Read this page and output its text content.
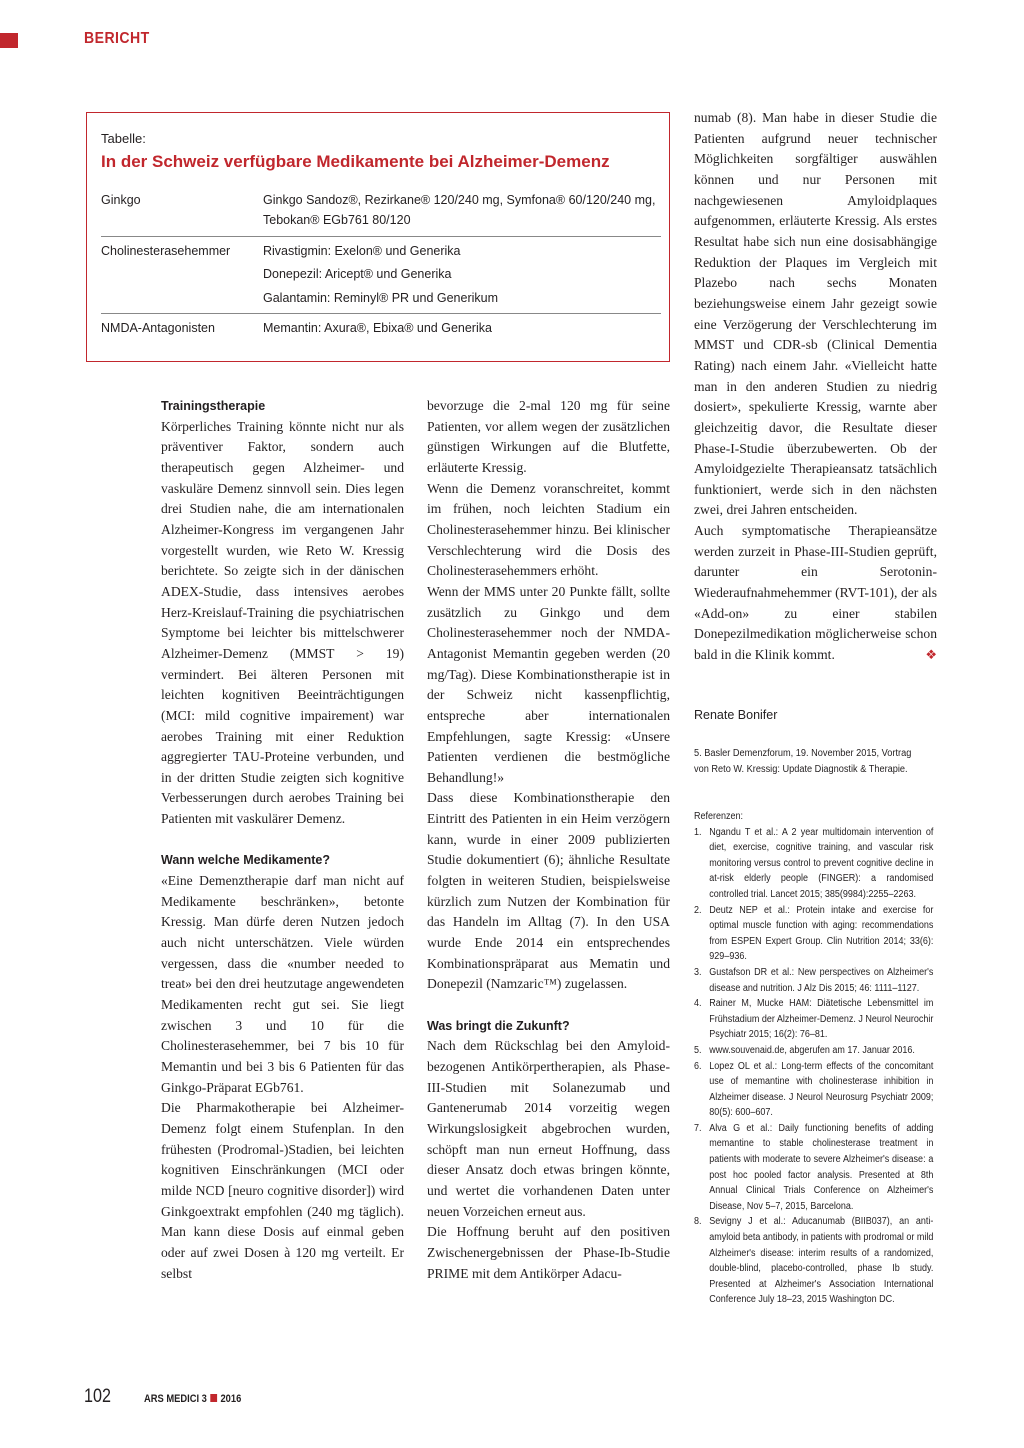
BERICHT
Tabelle:
In der Schweiz verfügbare Medikamente bei Alzheimer-Demenz
Ginkgo	Ginkgo Sandoz®, Rezirkane® 120/240 mg, Symfona® 60/120/240 mg,
Tebokan® EGb761 80/120
Cholinesterasehemmer	Rivastigmin: Exelon® und Generika
Donepezil: Aricept® und Generika
Galantamin: Reminyl® PR und Generikum
NMDA-Antagonisten	Memantin: Axura®, Ebixa® und Generika
Trainingstherapie

Körperliches Training könnte nicht nur als präventiver Faktor, sondern auch therapeutisch gegen Alzheimer- und vaskuläre Demenz sinnvoll sein. Dies legen drei Studien nahe, die am internationalen Alzheimer-Kongress im vergangenen Jahr vorgestellt wurden, wie Reto W. Kressig berichtete. So zeigte sich in der dänischen ADEX-Studie, dass intensives aerobes Herz-Kreislauf-Training die psychiatrischen Symptome bei leichter bis mittelschwerer Alzheimer-Demenz (MMST > 19) vermindert. Bei älteren Personen mit leichten kognitiven Beeinträchtigungen (MCI: mild cognitive impairement) war aerobes Training mit einer Reduktion aggregierter TAU-Proteine verbunden, und in der dritten Studie zeigten sich kognitive Verbesserungen durch aerobes Training bei Patienten mit vaskulärer Demenz.

Wann welche Medikamente?

«Eine Demenztherapie darf man nicht auf Medikamente beschränken», betonte Kressig. Man dürfe deren Nutzen jedoch auch nicht unterschätzen. Viele würden vergessen, dass die «number needed to treat» bei den drei heutzutage angewendeten Medikamenten recht gut sei. Sie liegt zwischen 3 und 10 für die Cholinesterasehemmer, bei 7 bis 10 für Memantin und bei 3 bis 6 Patienten für das Ginkgo-Präparat EGb761.

Die Pharmakotherapie bei Alzheimer-Demenz folgt einem Stufenplan. In den frühesten (Prodromal-)Stadien, bei leichten kognitiven Einschränkungen (MCI oder milde NCD [neuro cognitive disorder]) wird Ginkgoextrakt empfohlen (240 mg täglich). Man kann diese Dosis auf einmal geben oder auf zwei Dosen à 120 mg verteilt. Er selbst

bevorzuge die 2-mal 120 mg für seine Patienten, vor allem wegen der zusätzlichen günstigen Wirkungen auf die Blutfette, erläuterte Kressig.

Wenn die Demenz voranschreitet, kommt im frühen, noch leichten Stadium ein Cholinesterasehemmer hinzu. Bei klinischer Verschlechterung wird die Dosis des Cholinesterasehemmers erhöht.

Wenn der MMS unter 20 Punkte fällt, sollte zusätzlich zu Ginkgo und dem Cholinesterasehemmer noch der NMDA-Antagonist Memantin gegeben werden (20 mg/Tag). Diese Kombinationstherapie ist in der Schweiz nicht kassenpflichtig, entspreche aber internationalen Empfehlungen, sagte Kressig: «Unsere Patienten verdienen die bestmögliche Behandlung!»

Dass diese Kombinationstherapie den Eintritt des Patienten in ein Heim verzögern kann, wurde in einer 2009 publizierten Studie dokumentiert (6); ähnliche Resultate folgten in weiteren Studien, beispielsweise kürzlich zum Nutzen der Kombination für das Handeln im Alltag (7). In den USA wurde Ende 2014 ein entsprechendes Kombinationspräparat aus Mematin und Donepezil (Namzaric™) zugelassen.

Was bringt die Zukunft?

Nach dem Rückschlag bei den Amyloid-bezogenen Antikörpertherapien, als Phase-III-Studien mit Solanezumab und Gantenerumab 2014 vorzeitig wegen Wirkungslosigkeit abgebrochen wurden, schöpft man nun erneut Hoffnung, dass dieser Ansatz doch etwas bringen könnte, und wertet die vorhandenen Daten unter neuen Vorzeichen erneut aus.

Die Hoffnung beruht auf den positiven Zwischenergebnissen der Phase-Ib-Studie PRIME mit dem Antikörper Adacu-

numab (8). Man habe in dieser Studie die Patienten aufgrund neuer technischer Möglichkeiten sorgfältiger auswählen können und nur Personen mit nachgewiesenen Amyloidplaques aufgenommen, erläuterte Kressig. Als erstes Resultat habe sich nun eine dosisabhängige Reduktion der Plaques im Vergleich mit Plazebo nach sechs Monaten beziehungsweise einem Jahr gezeigt sowie eine Verzögerung der Verschlechterung im MMST und CDR-sb (Clinical Dementia Rating) nach einem Jahr. «Vielleicht hatte man in den anderen Studien zu niedrig dosiert», spekulierte Kressig, warnte aber gleichzeitig davor, die Resultate dieser Phase-I-Studie überzubewerten. Ob der Amyloidgezielte Therapieansatz tatsächlich funktioniert, werde sich in den nächsten zwei, drei Jahren entscheiden.

Auch symptomatische Therapieansätze werden zurzeit in Phase-III-Studien geprüft, darunter ein Serotonin-Wiederaufnahmehemmer (RVT-101), der als «Add-on» zu einer stabilen Donepezilmedikation möglicherweise schon bald in die Klinik kommt.	❖

Renate Bonifer
5. Basler Demenzforum, 19. November 2015, Vortrag von Reto W. Kressig: Update Diagnostik & Therapie.

Referenzen:

1. Ngandu T et al.: A 2 year multidomain intervention of diet, exercise, cognitive training, and vascular risk monitoring versus control to prevent cognitive decline in at-risk elderly people (FINGER): a randomised controlled trial. Lancet 2015; 385(9984):2255–2263.
2. Deutz NEP et al.: Protein intake and exercise for optimal muscle function with aging: recommendations from ESPEN Expert Group. Clin Nutrition 2014; 33(6): 929–936.
3. Gustafson DR et al.: New perspectives on Alzheimer's disease and nutrition. J Alz Dis 2015; 46: 1111–1127.
4. Rainer M, Mucke HAM: Diätetische Lebensmittel im Frühstadium der Alzheimer-Demenz. J Neurol Neurochir Psychiatr 2015; 16(2): 76–81.
5. www.souvenaid.de, abgerufen am 17. Januar 2016.
6. Lopez OL et al.: Long-term effects of the concomitant use of memantine with cholinesterase inhibition in Alzheimer disease. J Neurol Neurosurg Psychiatr 2009; 80(5): 600–607.
7. Alva G et al.: Daily functioning benefits of adding memantine to stable cholinesterase treatment in patients with moderate to severe Alzheimer's disease: a post hoc pooled factor analysis. Presented at 8th Annual Clinical Trials Conference on Alzheimer's Disease, Nov 5–7, 2015, Barcelona.
8. Sevigny J et al.: Aducanumab (BIIB037), an anti-amyloid beta antibody, in patients with prodromal or mild Alzheimer's disease: interim results of a randomized, double-blind, placebo-controlled, phase Ib study. Presented at Alzheimer's Association International Conference July 18–23, 2015 Washington DC.
102	ARS MEDICI 3 2016
